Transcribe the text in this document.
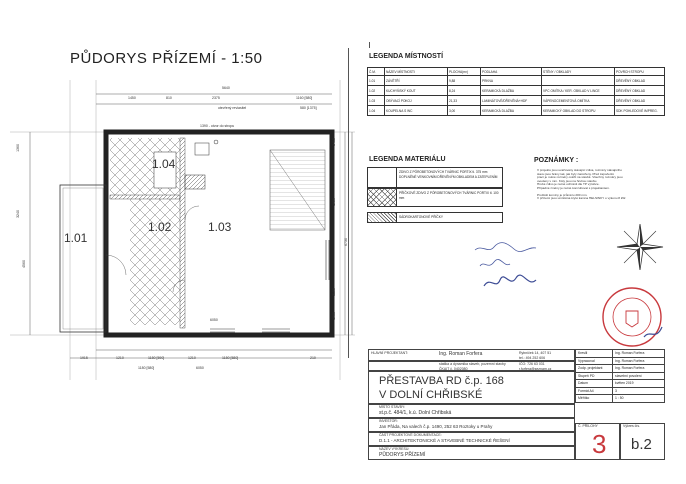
PŮDORYS PŘÍZEMÍ - 1:50
1.01
1.02	1.03
1.04
5640
1450	810	2375	1160 [580]
580 [1375]
1390 - otvor do stropu
otevřený reviasitel
6050
1915	1210	1180 [590]	1210	1180 [580]	210
1180 [580]	6050
1360
3240
4560
3405
1950
6730
3155
1960
LEGENDA MÍSTNOSTÍ
Č.M.	NÁZEV MÍSTNOSTI	PLOCHA(m²)	PODLAHA	STĚNY / OBKLADY	POVRCH STROPU
1.01	ZÁVĚTŘÍ	9,88	PRKNA		DŘEVĚNÝ OBKLAD
1.02	KUCHYŇSKÝ KOUT	8,24	KERAMICKÁ DLAŽBA	VPC OMÍTKA / KER. OBKLAD V LINCE	DŘEVĚNÝ OBKLAD
1.03	OBÝVACÍ POKOJ	21,33	LAMINÁTOVÉ/DŘEVĚNÁ+HDF	VÁPENOCEMENTOVÁ OMÍTKA	DŘEVĚNÝ OBKLAD
1.04	KOUPELNA S WC	3,00	KERAMICKÁ DLAŽBA	KERAMICKÝ OBKLAD DO STROPU	SDK POHLEDOVÉ IMPREG.
LEGENDA MATERIÁLU
ZDIVO Z PÓROBETONOVÝCH TVÁRNIC PORTIX tl. 375 mm DOPLNĚNÉ VENKOVNÍM DŘEVĚNÝM OBKLADEM A ZATEPLENÍM
PŘÍČKOVÉ ZDIVO Z PÓROBETONOVÝCH TVÁRNIC PORTIX tl. 100 mm
SÁDROKARTONOVÉ PŘÍČKY
POZNÁMKY :
V projektu jsou uvažovány stávající zdiva, rozměry stávajícího
stavu jsou brány tak, jak byly zaměřeny. Před započetím
prací je nutné rozměry ověřit na stavbě. Všechny rozměry jsou
uvedeny v mm. Kóty jsou na hrubou stavbu.
Hrubé zdivo je nutné ochránit dle TP výrobce.
Případné změny je nutné konzultovat s projektantem.
Pročistit komíny je průměru 200 mm.
V přízemí jsou umístěna kryté kamna HELSINKY o výkonu 8 kW.
HLAVNÍ PROJEKTANT:	Ing. Roman Forfera	Rybníček 14, 407 51
tel.: 494 252 606
statika a dynamika staveb, pozemní stavby
ČKAIT č. 0402080
IČO: 726 63 031
r.forfera@seznam.cz
PŘESTAVBA RD č.p. 168
V DOLNÍ CHŘIBSKÉ
MÍSTO STAVBY:
st.p.č. 484/1, k.ú. Dolní Chřibská
INVESTOR:
Jan Přáda, Na valech č.p. 1490, 252 63 Roztoky u Prahy
ČÁST PROJEKTOVÉ DOKUMENTACE:
D.1.1 - ARCHITEKTONICKÉ A STAVEBNĚ TECHNICKÉ ŘEŠENÍ
NÁZEV VÝKRESU:
PŮDORYS PŘÍZEMÍ
Kreslil	Ing. Roman Forfera
Vypracoval	Ing. Roman Forfera
Zodp. projektant	Ing. Roman Forfera
Stupeň PD	stavební povolení
Datum	květen 2019
Formát A4	3
Měřítko	1 : 50
Č. PŘÍLOHY
3
Výkres čís.
b.2
